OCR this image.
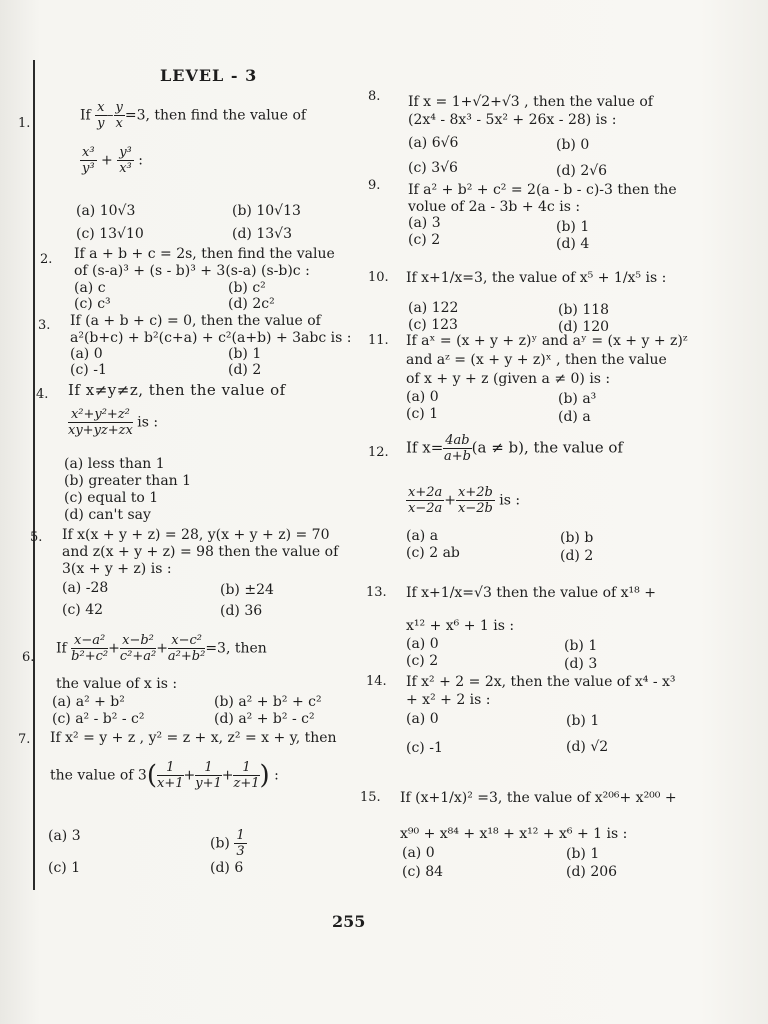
LEVEL - 3
1.	If $\frac{x}{y} - \frac{y}{x} =3$, then find the value of
$\frac{\text{x³}}{\text{y³}} + \frac{\text{y³}}{\text{x³}}$ :
(a) 10√3	(b) 10√13
(c) 13√10	(d) 13√3
2. If a + b + c = 2s, then find the value
of (s-a)³ + (s - b)³ + 3(s-a) (s-b)c :
(a) c	(b) c²
(c) c³	(d) 2c²
3. If (a + b + c) = 0, then the value of
a²(b+c) + b²(c+a) + c²(a+b) + 3abc is :
(a) 0	(b) 1
(c) -1	(d) 2
4. If x≠y≠z, then the value of
$\frac{\text{x²+y²+z²}}{xy+yz+zx}$ is :
(a) less than 1
(b) greater than 1
(c) equal to 1
(d) can't say
5. If x(x + y + z) = 28, y(x + y + z) = 70
and z(x + y + z) = 98 then the value of
3(x + y + z) is :
(a) -28	(b) ±24
(c) 42	(d) 36
6.
If $\frac{\text{x−a²}}{\text{b²+c²}} + \frac{\text{x−b²}}{\text{c²+a²}} + \frac{\text{x−c²}}{\text{a²+b²}} =3$, then
the value of x is :
(a) a² + b²	(b) a² + b² + c²
(c) a² - b² - c²	(d) a² + b² - c²
7. If x² = y + z , y² = z + x, z² = x + y, then
the value of $3( \frac{1}{x+1} + \frac{1}{y+1} + \frac{1}{z+1}$ ) :
(a) 3	$(b) \frac{1}{3}$
(c) 1	(d) 6
8. If x = 1+√2+√3 , then the value of
(2x⁴ - 8x³ - 5x² + 26x - 28) is :
(a) 6√6	(b) 0
(c) 3√6	(d) 2√6
9. If a² + b² + c² = 2(a - b - c)-3 then the
volue of 2a - 3b + 4c is :
(a) 3	(b) 1
(c) 2	(d) 4
10. If x+1/x=3, the value of x⁵ + 1/x⁵ is :
(a) 122	(b) 118
(c) 123	(d) 120
11. If aˣ = (x + y + z)ʸ and aʸ = (x + y + z)ᶻ
and aᶻ = (x + y + z)ˣ , then the value
of x + y + z (given a ≠ 0) is :
(a) 0	(b) a³
(c) 1	(d) a
12. If $x= \frac{4ab}{a+b} (a \ne b)$, the value of
$\frac{x+2a}{x-2a} + \frac{x+2b}{x-2b}$ is :
(a) a	(b) b
(c) 2 ab	(d) 2
13. If x+1/x=√3 then the value of x¹⁸ +
x¹² + x⁶ + 1 is :
(a) 0	(b) 1
(c) 2	(d) 3
14. If x² + 2 = 2x, then the value of x⁴ - x³
+ x² + 2 is :
(a) 0	(b) 1
(c) -1	(d) √2
15. If (x+1/x)² =3, the value of x²⁰⁶+ x²⁰⁰ +
x⁹⁰ + x⁸⁴ + x¹⁸ + x¹² + x⁶ + 1 is :
(a) 0	(b) 1
(c) 84	(d) 206
255
